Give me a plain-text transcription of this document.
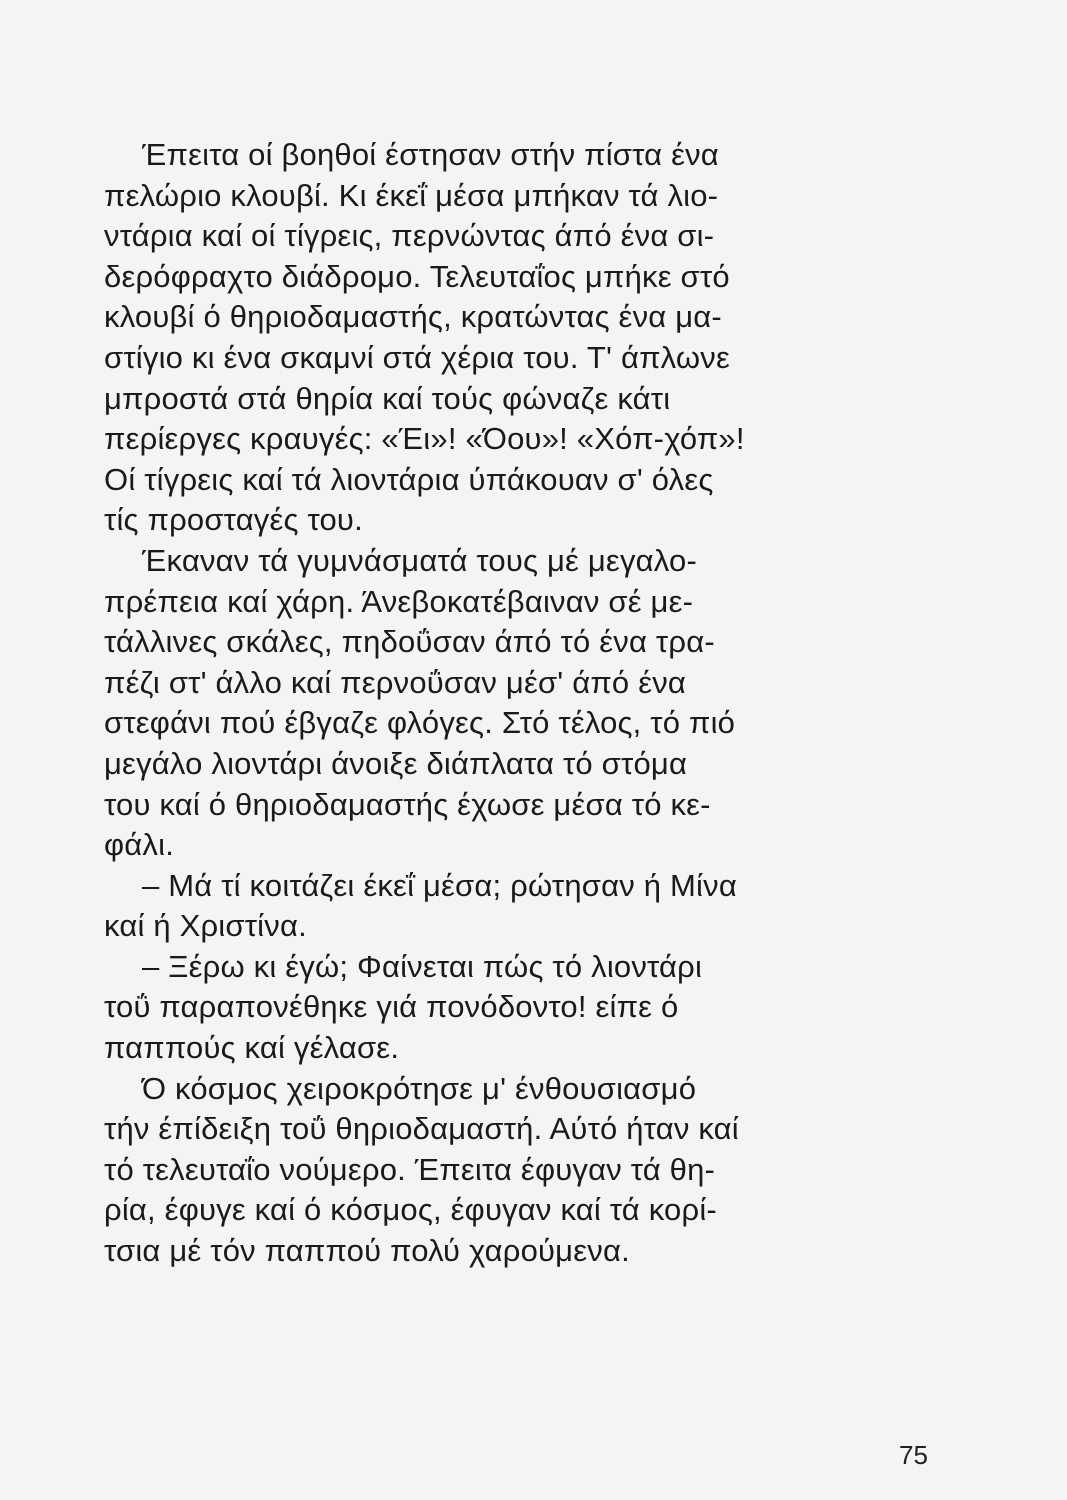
Έπειτα οί βοηθοί έστησαν στήν πίστα ένα
πελώριο κλουβί. Κι έκεΐ μέσα μπήκαν τά λιο-
ντάρια καί οί τίγρεις, περνώντας άπό ένα σι-
δερόφραχτο διάδρομο. Τελευταΐος μπήκε στό
κλουβί ό θηριοδαμαστής, κρατώντας ένα μα-
στίγιο κι ένα σκαμνί στά χέρια του. Τ' άπλωνε
μπροστά στά θηρία καί τούς φώναζε κάτι
περίεργες κραυγές: «Έι»! «Όου»! «Χόπ-χόπ»!
Οί τίγρεις καί τά λιοντάρια ύπάκουαν σ' όλες
τίς προσταγές του.
Έκαναν τά γυμνάσματά τους μέ μεγαλο-
πρέπεια καί χάρη. Άνεβοκατέβαιναν σέ με-
τάλλινες σκάλες, πηδοΰσαν άπό τό ένα τρα-
πέζι στ' άλλο καί περνοΰσαν μέσ' άπό ένα
στεφάνι πού έβγαζε φλόγες. Στό τέλος, τό πιό
μεγάλο λιοντάρι άνοιξε διάπλατα τό στόμα
του καί ό θηριοδαμαστής έχωσε μέσα τό κε-
φάλι.
– Μά τί κοιτάζει έκεΐ μέσα; ρώτησαν ή Μίνα
καί ή Χριστίνα.
– Ξέρω κι έγώ; Φαίνεται πώς τό λιοντάρι
τοΰ παραπονέθηκε γιά πονόδοντο! είπε ό
παππούς καί γέλασε.
Ό κόσμος χειροκρότησε μ' ένθουσιασμό
τήν έπίδειξη τοΰ θηριοδαμαστή. Αύτό ήταν καί
τό τελευταΐο νούμερο. Έπειτα έφυγαν τά θη-
ρία, έφυγε καί ό κόσμος, έφυγαν καί τά κορί-
τσια μέ τόν παππού πολύ χαρούμενα.
75
